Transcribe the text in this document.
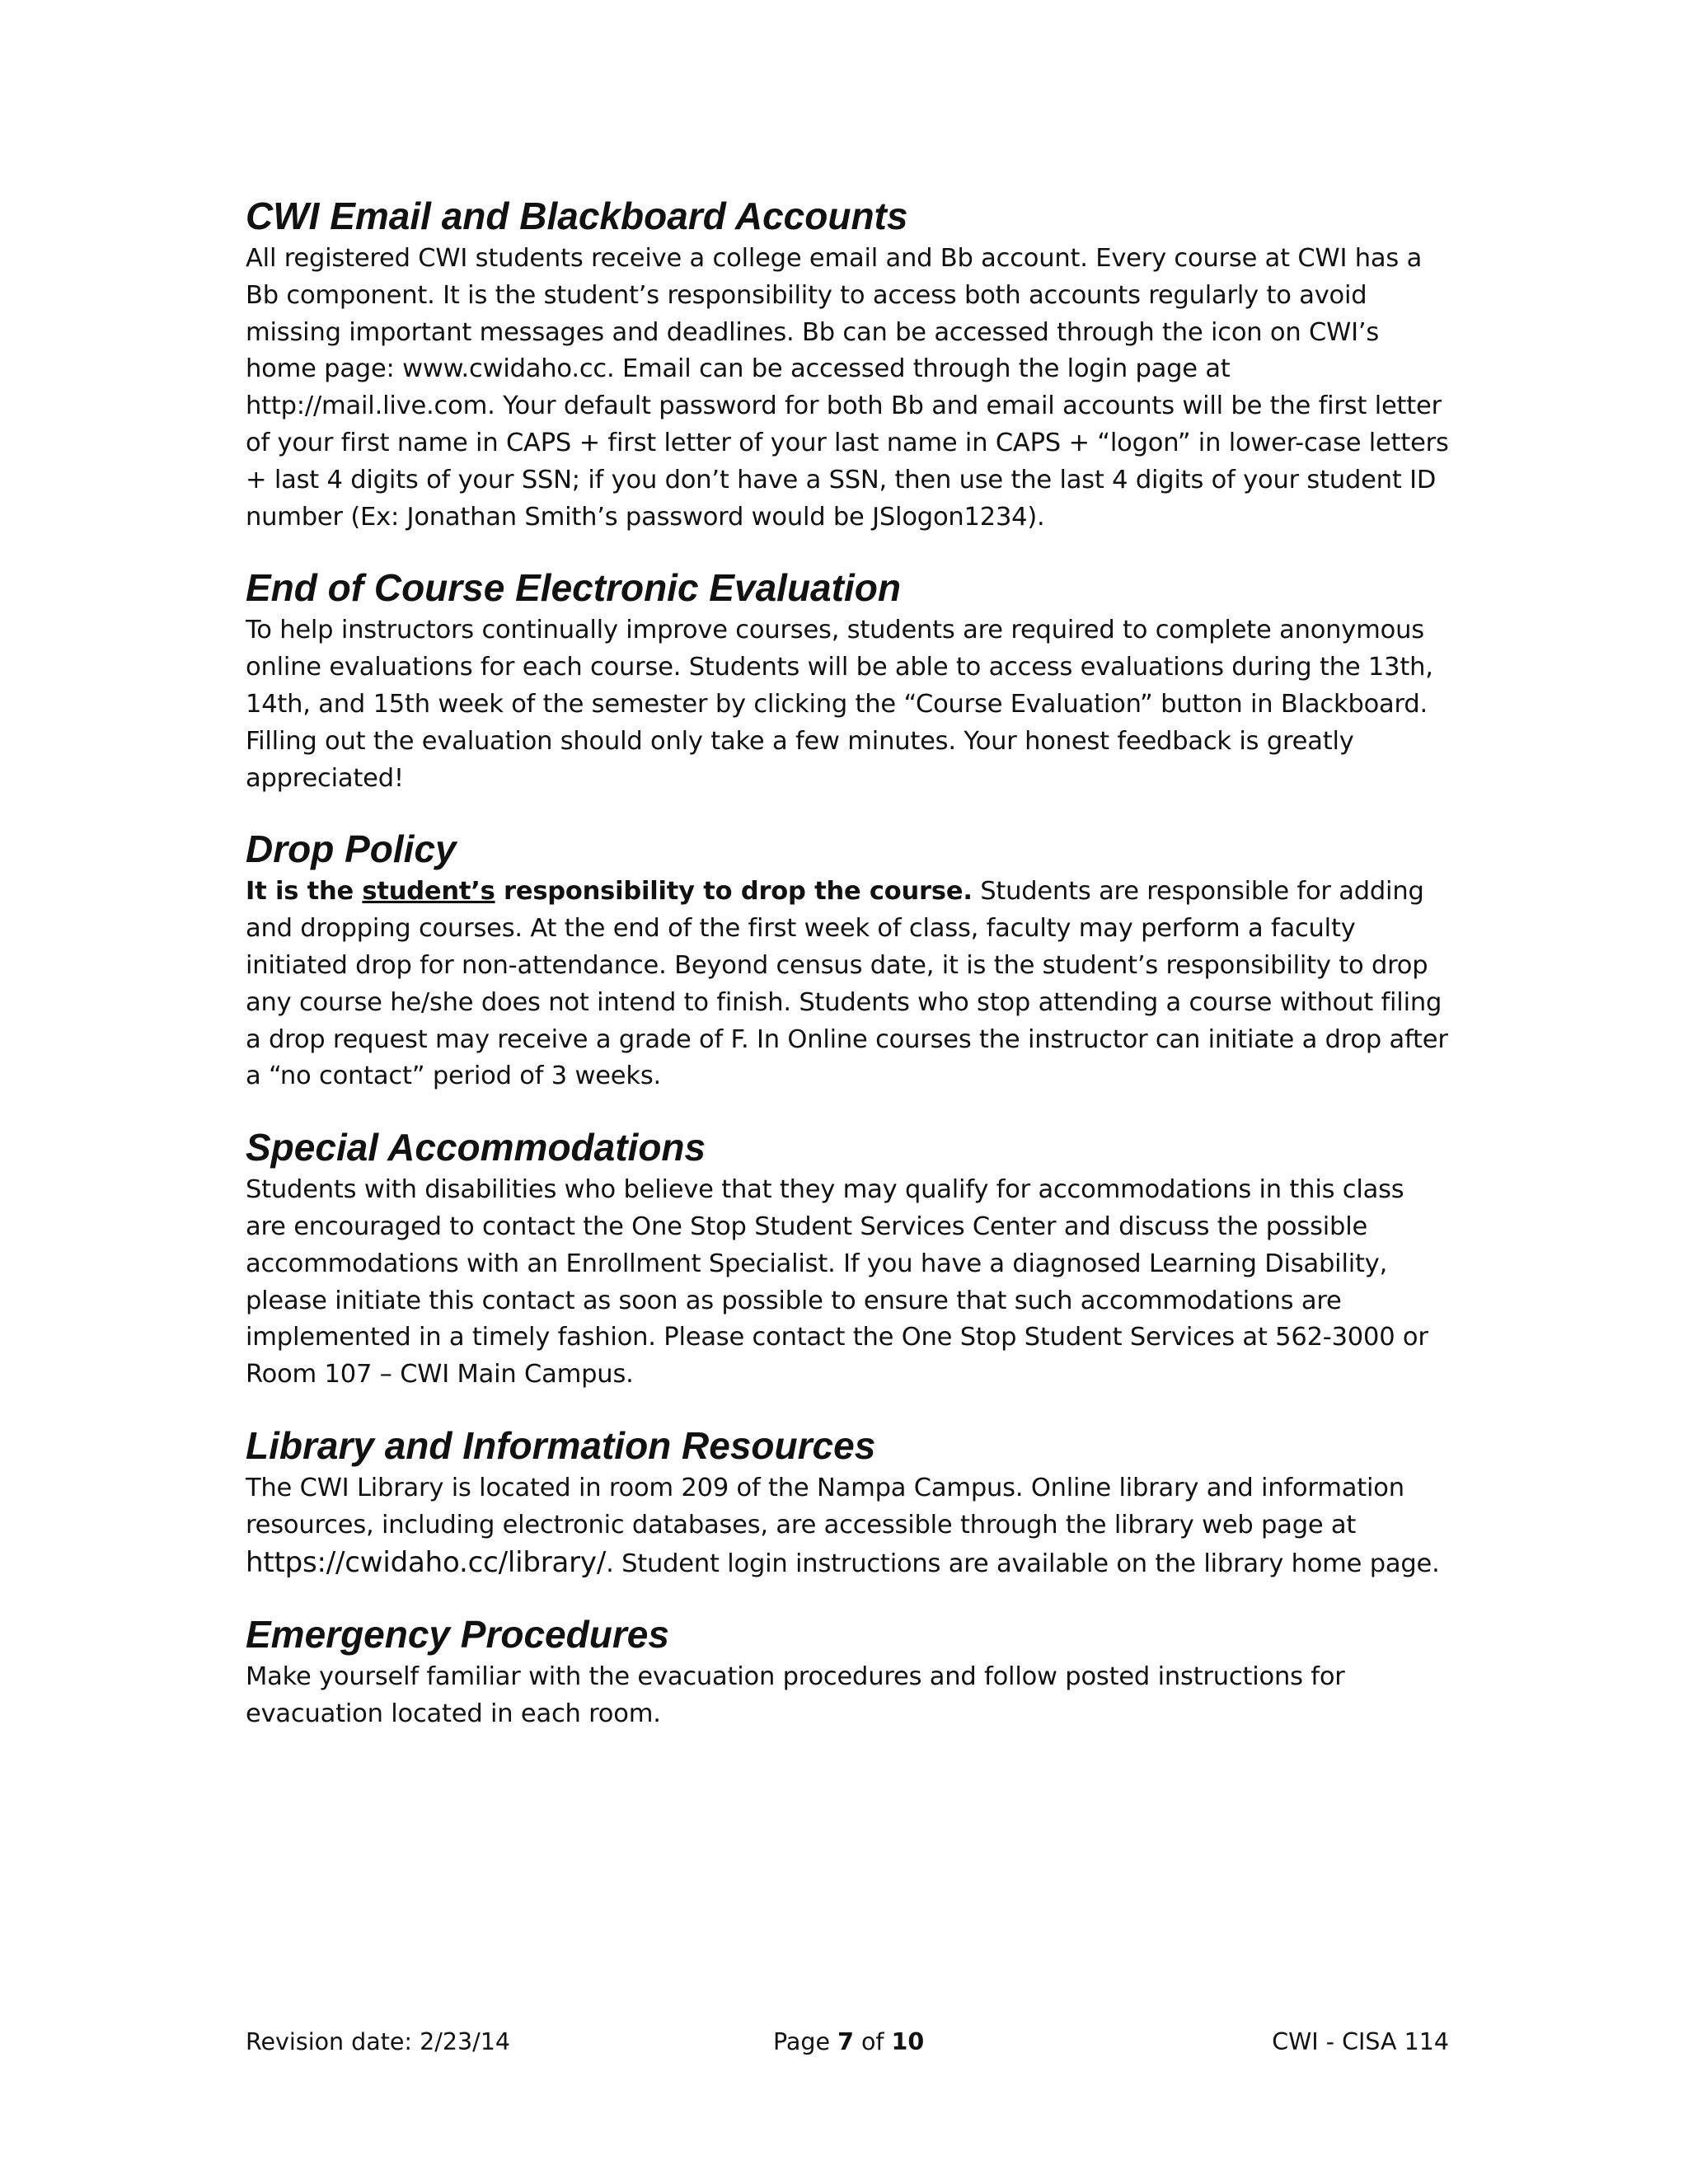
CWI Email and Blackboard Accounts

All registered CWI students receive a college email and Bb account. Every course at CWI has a Bb component. It is the student’s responsibility to access both accounts regularly to avoid missing important messages and deadlines. Bb can be accessed through the icon on CWI’s home page: www.cwidaho.cc. Email can be accessed through the login page at http://mail.live.com. Your default password for both Bb and email accounts will be the first letter of your first name in CAPS + first letter of your last name in CAPS + “logon” in lower-case letters + last 4 digits of your SSN; if you don’t have a SSN, then use the last 4 digits of your student ID number (Ex: Jonathan Smith’s password would be JSlogon1234).

End of Course Electronic Evaluation

To help instructors continually improve courses, students are required to complete anonymous online evaluations for each course. Students will be able to access evaluations during the 13th, 14th, and 15th week of the semester by clicking the “Course Evaluation” button in Blackboard. Filling out the evaluation should only take a few minutes. Your honest feedback is greatly appreciated!

Drop Policy

It is the student’s responsibility to drop the course. Students are responsible for adding and dropping courses. At the end of the first week of class, faculty may perform a faculty initiated drop for non-attendance. Beyond census date, it is the student’s responsibility to drop any course he/she does not intend to finish. Students who stop attending a course without filing a drop request may receive a grade of F. In Online courses the instructor can initiate a drop after a “no contact” period of 3 weeks.

Special Accommodations

Students with disabilities who believe that they may qualify for accommodations in this class are encouraged to contact the One Stop Student Services Center and discuss the possible accommodations with an Enrollment Specialist. If you have a diagnosed Learning Disability, please initiate this contact as soon as possible to ensure that such accommodations are implemented in a timely fashion. Please contact the One Stop Student Services at 562-3000 or Room 107 – CWI Main Campus.

Library and Information Resources

The CWI Library is located in room 209 of the Nampa Campus. Online library and information resources, including electronic databases, are accessible through the library web page at https://cwidaho.cc/library/. Student login instructions are available on the library home page.

Emergency Procedures

Make yourself familiar with the evacuation procedures and follow posted instructions for evacuation located in each room.

Revision date: 2/23/14	Page 7 of 10	CWI - CISA 114
